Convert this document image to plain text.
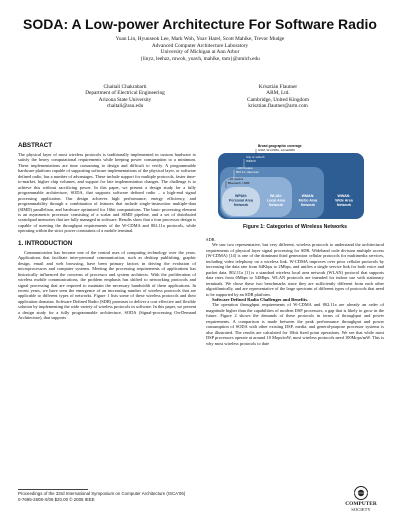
SODA: A Low-power Architecture For Software Radio
Yuan Lin, Hyunseok Lee, Mark Woh, Yoav Harel, Scott Mahlke, Trevor Mudge
Advanced Computer Architecture Laboratory
University of Michigan at Ann Arbor
{linyz, leehzz, mwoh, yoavh, mahlke, tnm}@umich.edu
Chaitali Chakrabarti
Department of Electrical Engineering
Arizona State University
chaitali@asu.edu
Krisztián Flautner
ARM, Ltd.
Cambridge, United Kingdom
krisztian.flautner@arm.com
ABSTRACT

The physical layer of most wireless protocols is traditionally implemented in custom hardware to satisfy the heavy computational requirements while keeping power consumption to a minimum. These implementations are time consuming to design and difficult to verify. A programmable hardware platform capable of supporting software implementations of the physical layer, or software defined radio, has a number of advantages. These include support for multiple protocols, faster time-to-market, higher chip volumes, and support for late implementation changes. The challenge is to achieve this without sacrificing power. In this paper, we present a design study for a fully programmable architecture, SODA, that supports software defined radio – a high-end signal processing application. Our design achieves high performance, energy efficiency, and programmability through a combination of features that include single-instruction multiple-data (SIMD) parallelism, and hardware optimized for 16bit computations. The basic processing element is an asymmetric processor consisting of a scalar and SIMD pipeline, and a set of distributed scratchpad memories that are fully managed in software. Results show that a four processor design is capable of meeting the throughput requirements of the W-CDMA and 802.11a protocols, while operating within the strict power constraints of a mobile terminal.

1. INTRODUCTION

Communication has become one of the central uses of computing technology over the years. Applications that facilitate inter-personal communication, such as desktop publishing, graphic design, email and web browsing, have been primary factors in driving the evolution of microprocessors and computer systems. Meeting the processing requirements of applications has historically influenced the concerns of processor and system architects. With the proliferation of wireless mobile communications, the problem emphasis has shifted to networking protocols and signal processing that are required to maintain the necessary bandwidth of these applications. In recent years, we have seen the emergence of an increasing number of wireless protocols that are applicable to different types of networks. Figure 1 lists some of these wireless protocols and their application domains. Software Defined Radio (SDR) promises to deliver a cost effective and flexible solution by implementing the wide variety of wireless protocols in software. In this paper, we present a design study for a fully programmable architecture, SODA (Signal-processing On-Demand Architecture), that supports

Broad geographic coverage
GSM, W-CDMA, cdma2000
City or suburb
WiMAX
~100 meters
802.11, HiperLan
~10 meters
Bluetooth, UWB
WPAN:
Personal Area
Network
WLAN:
Local Area
Network
WMAN:
Metro Area
Network
WWAN:
Wide Area
Network
Figure 1: Categories of Wireless Networks

SDR.

We saw two representative, but very different, wireless protocols to understand the architectural requirements of physical layer signal processing for SDR. Wideband code division multiple access (W-CDMA) [14] is one of the dominant third generation cellular protocols for multimedia services, including video telephony on a wireless link. W-CDMA improves over prior cellular protocols by increasing the data rate from 64Kbps to 2Mbps, and unifies a single service link for both voice and packet data. 802.11a [1] is a standard wireless local area network (WLAN) protocol that supports data rates from 6Mbps to 54Mbps. WLAN protocols are intended for indoor use with stationary terminals. We chose these two benchmarks since they are sufficiently different from each other algorithmically, and are representative of the large spectrum of different types of protocols that need to be supported by an SDR platform.

Software Defined Radio Challenges and Benefits.

The operation throughput requirements of W-CDMA and 802.11a are already an order of magnitude higher than the capabilities of modern DSP processors, a gap that is likely to grow in the future. Figure 2 shows the demands of these protocols in terms of throughput and power requirements. A comparison is made between the peak performance throughput and power consumption of SODA with other existing DSP, media, and general-purpose processor systems is also illustrated. The results are calculated for 16bit fixed point operations. We see that while most DSP processors operate at around 10 Mops/mW, most wireless protocols need 100Mops/mW. This is why most wireless protocols to date

Proceedings of the 33rd International Symposium on Computer Architecture (ISCA'06)
0-7695-2608-X/06 $20.00 © 2006 IEEE
COMPUTER
SOCIETY
